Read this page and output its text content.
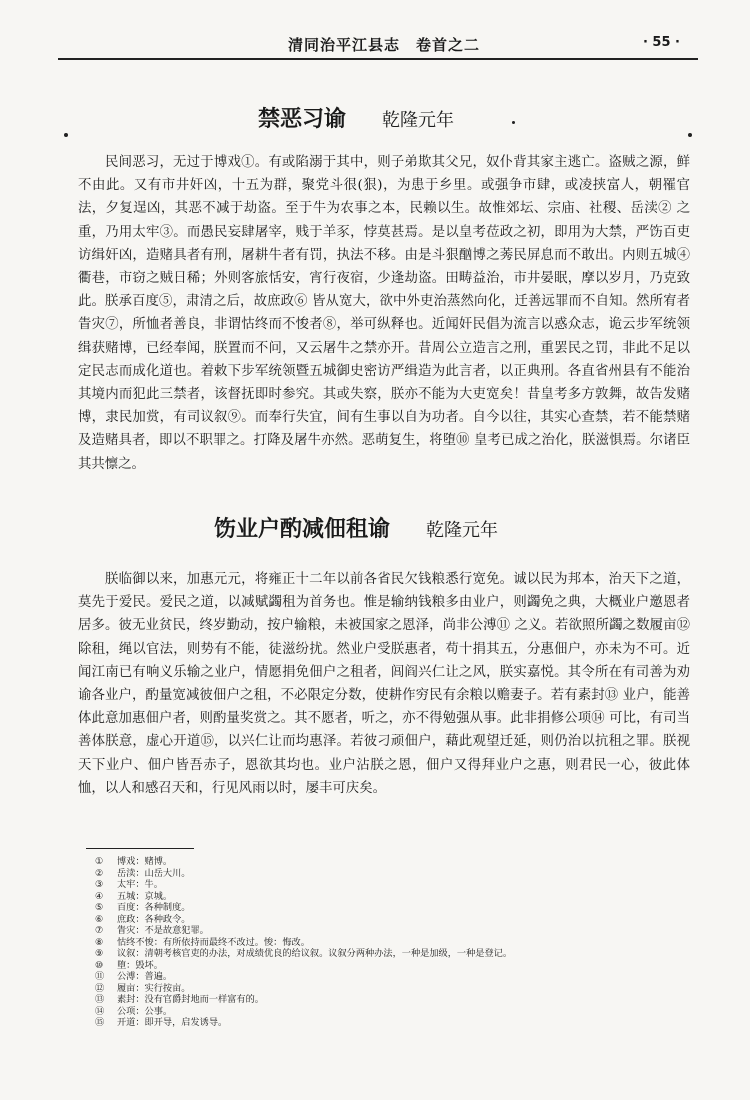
清同治平江县志　卷首之二	· 55 ·
禁恶习谕 乾隆元年
民间恶习，无过于博戏①。有或陷溺于其中，则子弟欺其父兄，奴仆背其家主逃亡。盗贼之源，鲜不由此。又有市井奸凶，十五为群，聚党斗很(狠)，为患于乡里。或强争市肆，或凌挟富人，朝罹官法，夕复逞凶，其恶不减于劫盗。至于牛为农事之本，民赖以生。故惟郊坛、宗庙、社稷、岳渎② 之重，乃用太牢③。而愚民妄肆屠宰，贱于羊豕，悖莫甚焉。是以皇考莅政之初，即用为大禁，严饬百吏访缉奸凶，造赌具者有刑，屠耕牛者有罚，执法不移。由是斗狠酗博之莠民屏息而不敢出。内则五城④ 衢巷，市窃之贼日稀；外则客旅恬安，宵行夜宿，少逢劫盗。田畴益治，市井晏眠，摩以岁月，乃克致此。朕承百度⑤，肃清之后，故庶政⑥ 皆从宽大，欲中外吏治蒸然向化，迁善远罪而不自知。然所宥者眚灾⑦，所恤者善良，非谓怙终而不悛者⑧，举可纵释也。近闻奸民倡为流言以惑众志，诡云步军统领缉获赌博，已经奉闻，朕置而不问，又云屠牛之禁亦开。昔周公立造言之刑，重罢民之罚，非此不足以定民志而成化道也。着敕下步军统领暨五城御史密访严缉造为此言者，以正典刑。各直省州县有不能治其境内而犯此三禁者，该督抚即时参究。其或失察，朕亦不能为大吏宽矣！昔皇考多方敦舞，故告发赌博，隶民加赏，有司议叙⑨。而奉行失宜，间有生事以自为功者。自今以往，其实心查禁，若不能禁赌及造赌具者，即以不职罪之。打降及屠牛亦然。恶萌复生，将堕⑩ 皇考已成之治化，朕滋惧焉。尔诸臣其共懔之。
饬业户酌减佃租谕 乾隆元年
朕临御以来，加惠元元，将雍正十二年以前各省民欠钱粮悉行宽免。诚以民为邦本，治天下之道，莫先于爱民。爱民之道，以减赋蠲租为首务也。惟是输纳钱粮多由业户，则蠲免之典，大概业户邀恩者居多。彼无业贫民，终岁勤动，按户输粮，未被国家之恩泽，尚非公溥⑪ 之义。若欲照所蠲之数履亩⑫除租，绳以官法，则势有不能，徒滋纷扰。然业户受朕惠者，苟十捐其五，分惠佃户，亦未为不可。近闻江南已有响义乐输之业户，情愿捐免佃户之租者，闾阎兴仁让之风，朕实嘉悦。其令所在有司善为劝谕各业户，酌量宽减彼佃户之租，不必限定分数，使耕作穷民有余粮以赡妻子。若有素封⑬ 业户，能善体此意加惠佃户者，则酌量奖赏之。其不愿者，听之，亦不得勉强从事。此非捐修公项⑭ 可比，有司当善体朕意，虚心开道⑮，以兴仁让而均惠泽。若彼刁顽佃户，藉此观望迁延，则仍治以抗租之罪。朕视天下业户、佃户皆吾赤子，恩欲其均也。业户沾朕之恩，佃户又得拜业户之惠，则君民一心，彼此体恤，以人和感召天和，行见风雨以时，屡丰可庆矣。
① 博戏：赌博。
② 岳渎：山岳大川。
③ 太牢：牛。
④ 五城：京城。
⑤ 百度：各种制度。
⑥ 庶政：各种政令。
⑦ 眚灾：不是故意犯罪。
⑧ 怙终不悛：有所依持而最终不改过。悛：悔改。
⑨ 议叙：清朝考核官吏的办法，对成绩优良的给议叙。议叙分两种办法，一种是加级，一种是登记。
⑩ 堕：毁坏。
⑪ 公溥：普遍。
⑫ 履亩：实行按亩。
⑬ 素封：没有官爵封地而一样富有的。
⑭ 公项：公事。
⑮ 开道：即开导，启发诱导。
